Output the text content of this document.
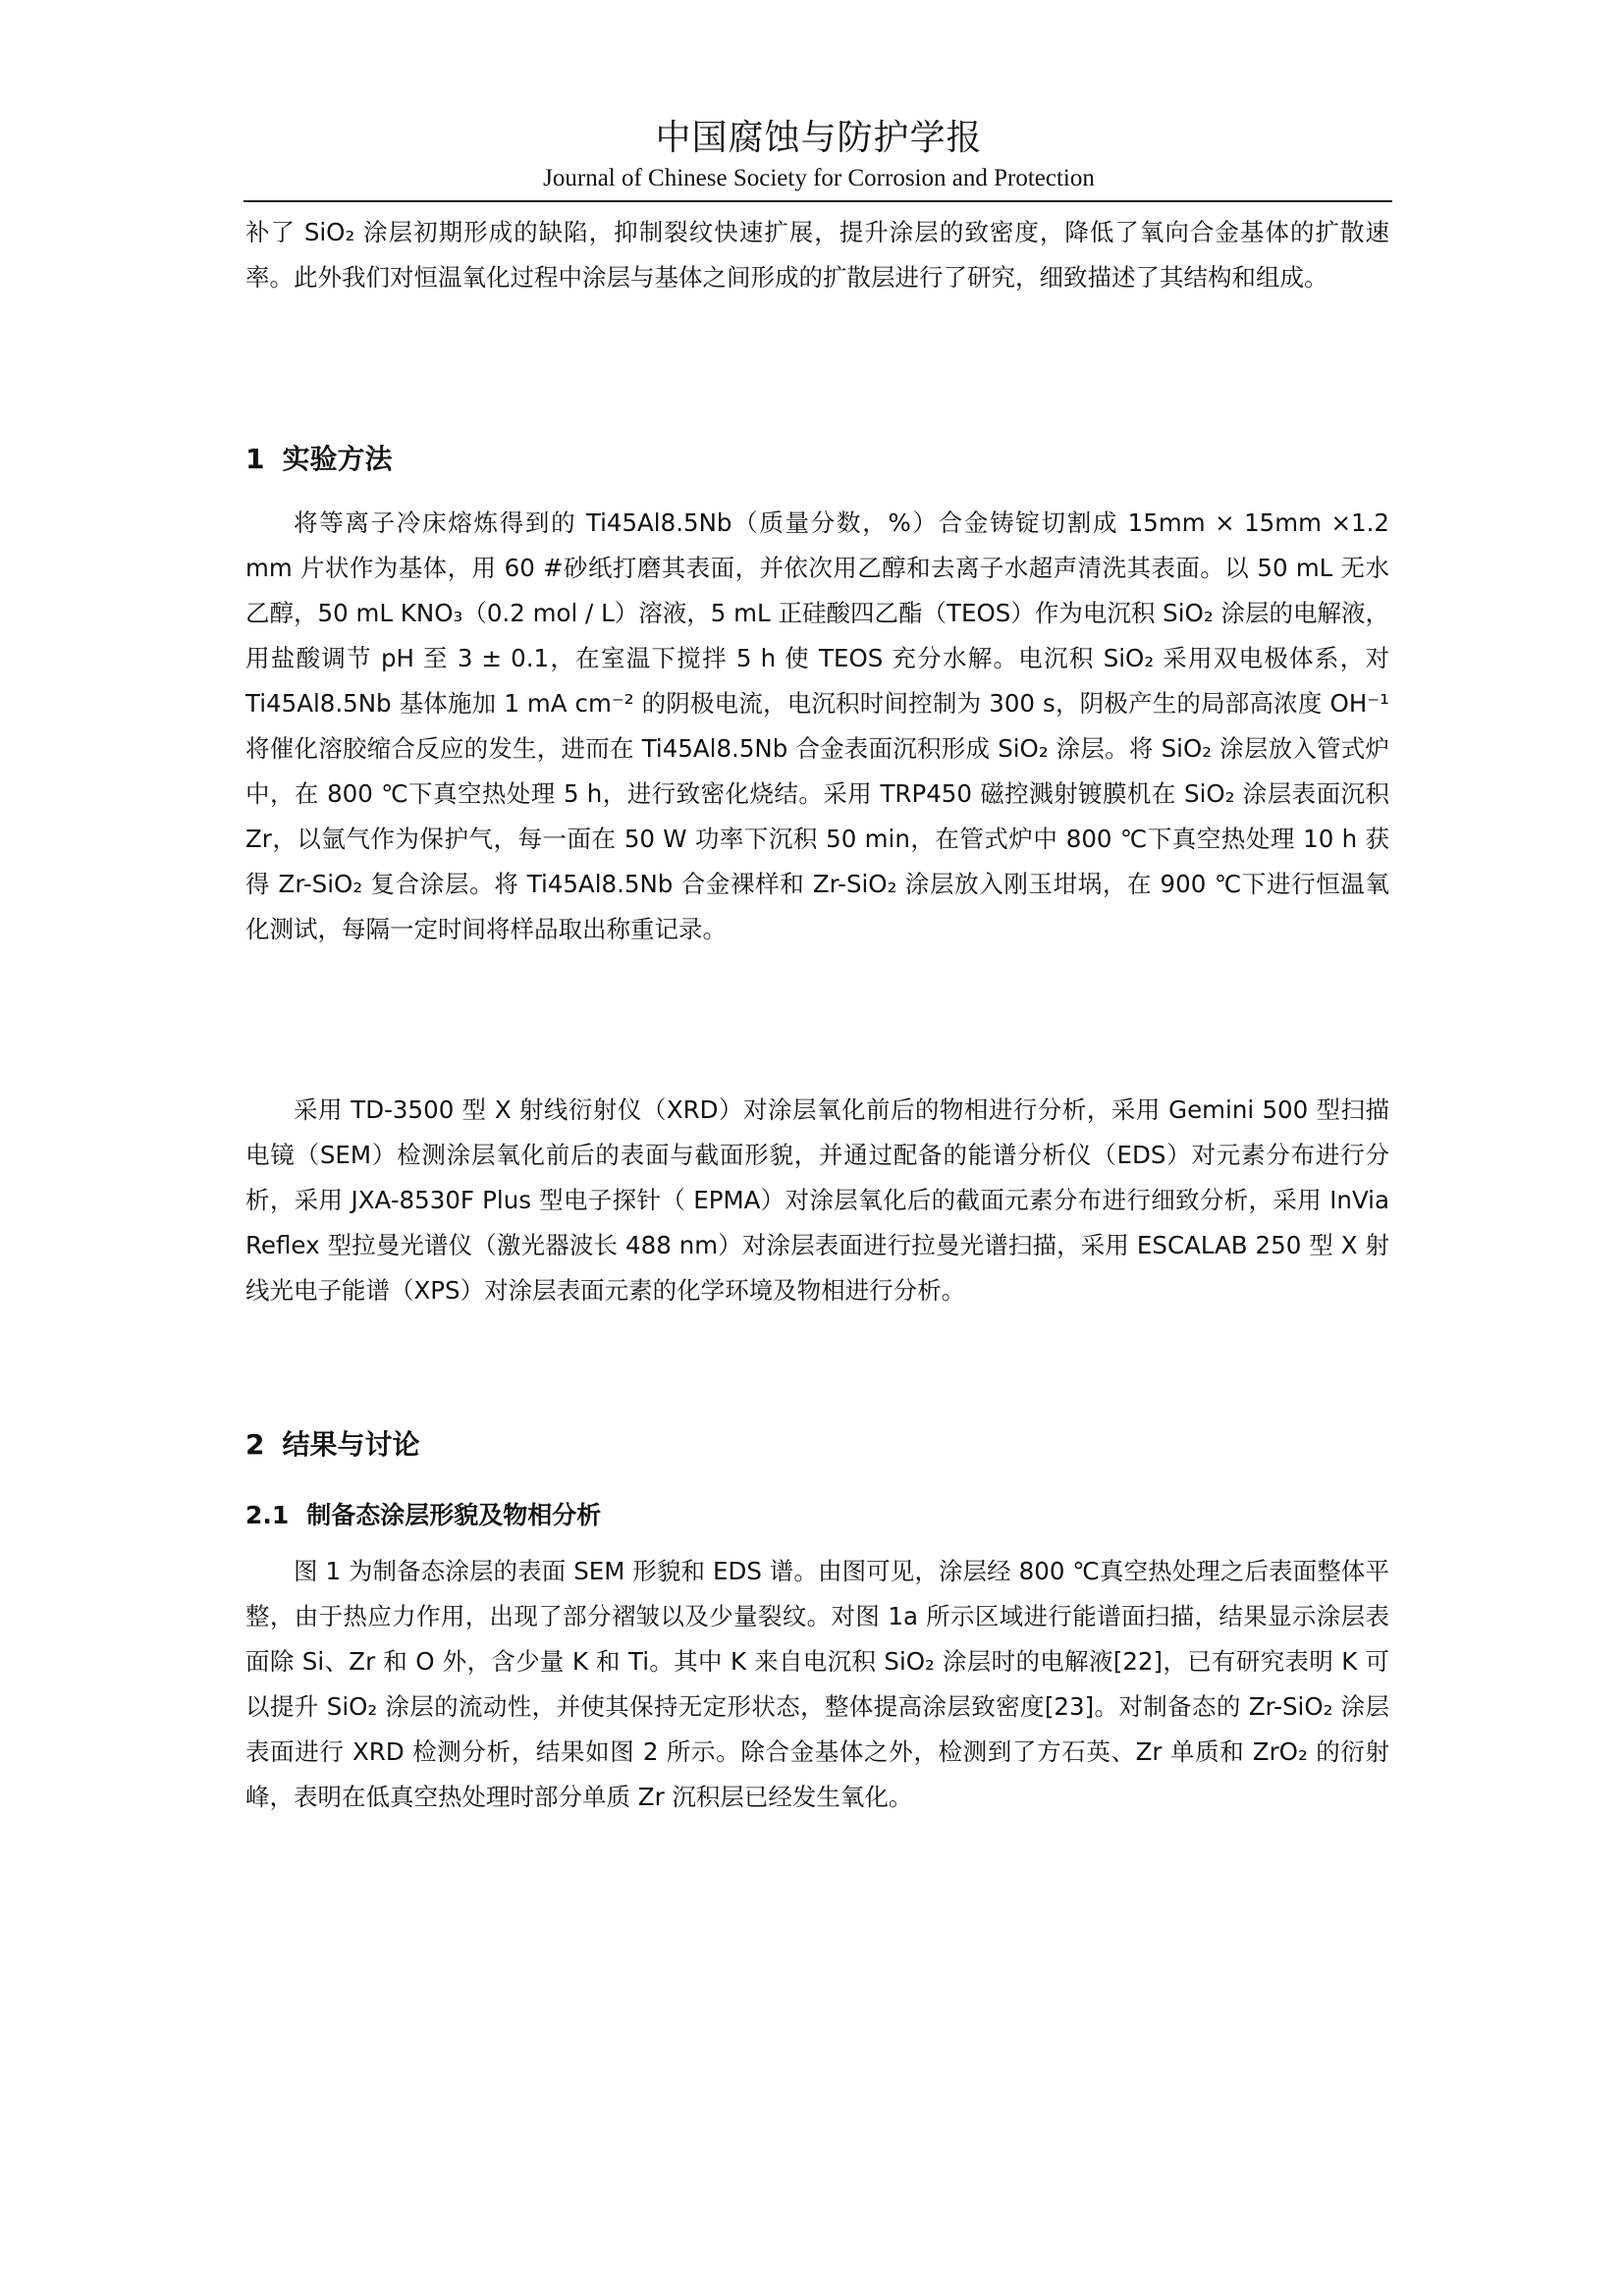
中国腐蚀与防护学报

Journal of Chinese Society for Corrosion and Protection

补了 SiO₂ 涂层初期形成的缺陷，抑制裂纹快速扩展，提升涂层的致密度，降低了氧向合金基体的扩散速率。此外我们对恒温氧化过程中涂层与基体之间形成的扩散层进行了研究，细致描述了其结构和组成。

1 实验方法

将等离子冷床熔炼得到的 Ti45Al8.5Nb（质量分数，%）合金铸锭切割成 15mm × 15mm ×1.2 mm 片状作为基体，用 60 #砂纸打磨其表面，并依次用乙醇和去离子水超声清洗其表面。以 50 mL 无水乙醇，50 mL KNO₃（0.2 mol / L）溶液，5 mL 正硅酸四乙酯（TEOS）作为电沉积 SiO₂ 涂层的电解液，用盐酸调节 pH 至 3 ± 0.1，在室温下搅拌 5 h 使 TEOS 充分水解。电沉积 SiO₂ 采用双电极体系，对 Ti45Al8.5Nb 基体施加 1 mA cm⁻² 的阴极电流，电沉积时间控制为 300 s，阴极产生的局部高浓度 OH⁻¹ 将催化溶胶缩合反应的发生，进而在 Ti45Al8.5Nb 合金表面沉积形成 SiO₂ 涂层。将 SiO₂ 涂层放入管式炉中，在 800 ℃下真空热处理 5 h，进行致密化烧结。采用 TRP450 磁控溅射镀膜机在 SiO₂ 涂层表面沉积 Zr，以氩气作为保护气，每一面在 50 W 功率下沉积 50 min，在管式炉中 800 ℃下真空热处理 10 h 获得 Zr-SiO₂ 复合涂层。将 Ti45Al8.5Nb 合金裸样和 Zr-SiO₂ 涂层放入刚玉坩埚，在 900 ℃下进行恒温氧化测试，每隔一定时间将样品取出称重记录。

采用 TD-3500 型 X 射线衍射仪（XRD）对涂层氧化前后的物相进行分析，采用 Gemini 500 型扫描电镜（SEM）检测涂层氧化前后的表面与截面形貌，并通过配备的能谱分析仪（EDS）对元素分布进行分析，采用 JXA-8530F Plus 型电子探针（ EPMA）对涂层氧化后的截面元素分布进行细致分析，采用 InVia Reflex 型拉曼光谱仪（激光器波长 488 nm）对涂层表面进行拉曼光谱扫描，采用 ESCALAB 250 型 X 射线光电子能谱（XPS）对涂层表面元素的化学环境及物相进行分析。

2 结果与讨论
2.1 制备态涂层形貌及物相分析

图 1 为制备态涂层的表面 SEM 形貌和 EDS 谱。由图可见，涂层经 800 ℃真空热处理之后表面整体平整，由于热应力作用，出现了部分褶皱以及少量裂纹。对图 1a 所示区域进行能谱面扫描，结果显示涂层表面除 Si、Zr 和 O 外，含少量 K 和 Ti。其中 K 来自电沉积 SiO₂ 涂层时的电解液[22]，已有研究表明 K 可以提升 SiO₂ 涂层的流动性，并使其保持无定形状态，整体提高涂层致密度[23]。对制备态的 Zr-SiO₂ 涂层表面进行 XRD 检测分析，结果如图 2 所示。除合金基体之外，检测到了方石英、Zr 单质和 ZrO₂ 的衍射峰，表明在低真空热处理时部分单质 Zr 沉积层已经发生氧化。
